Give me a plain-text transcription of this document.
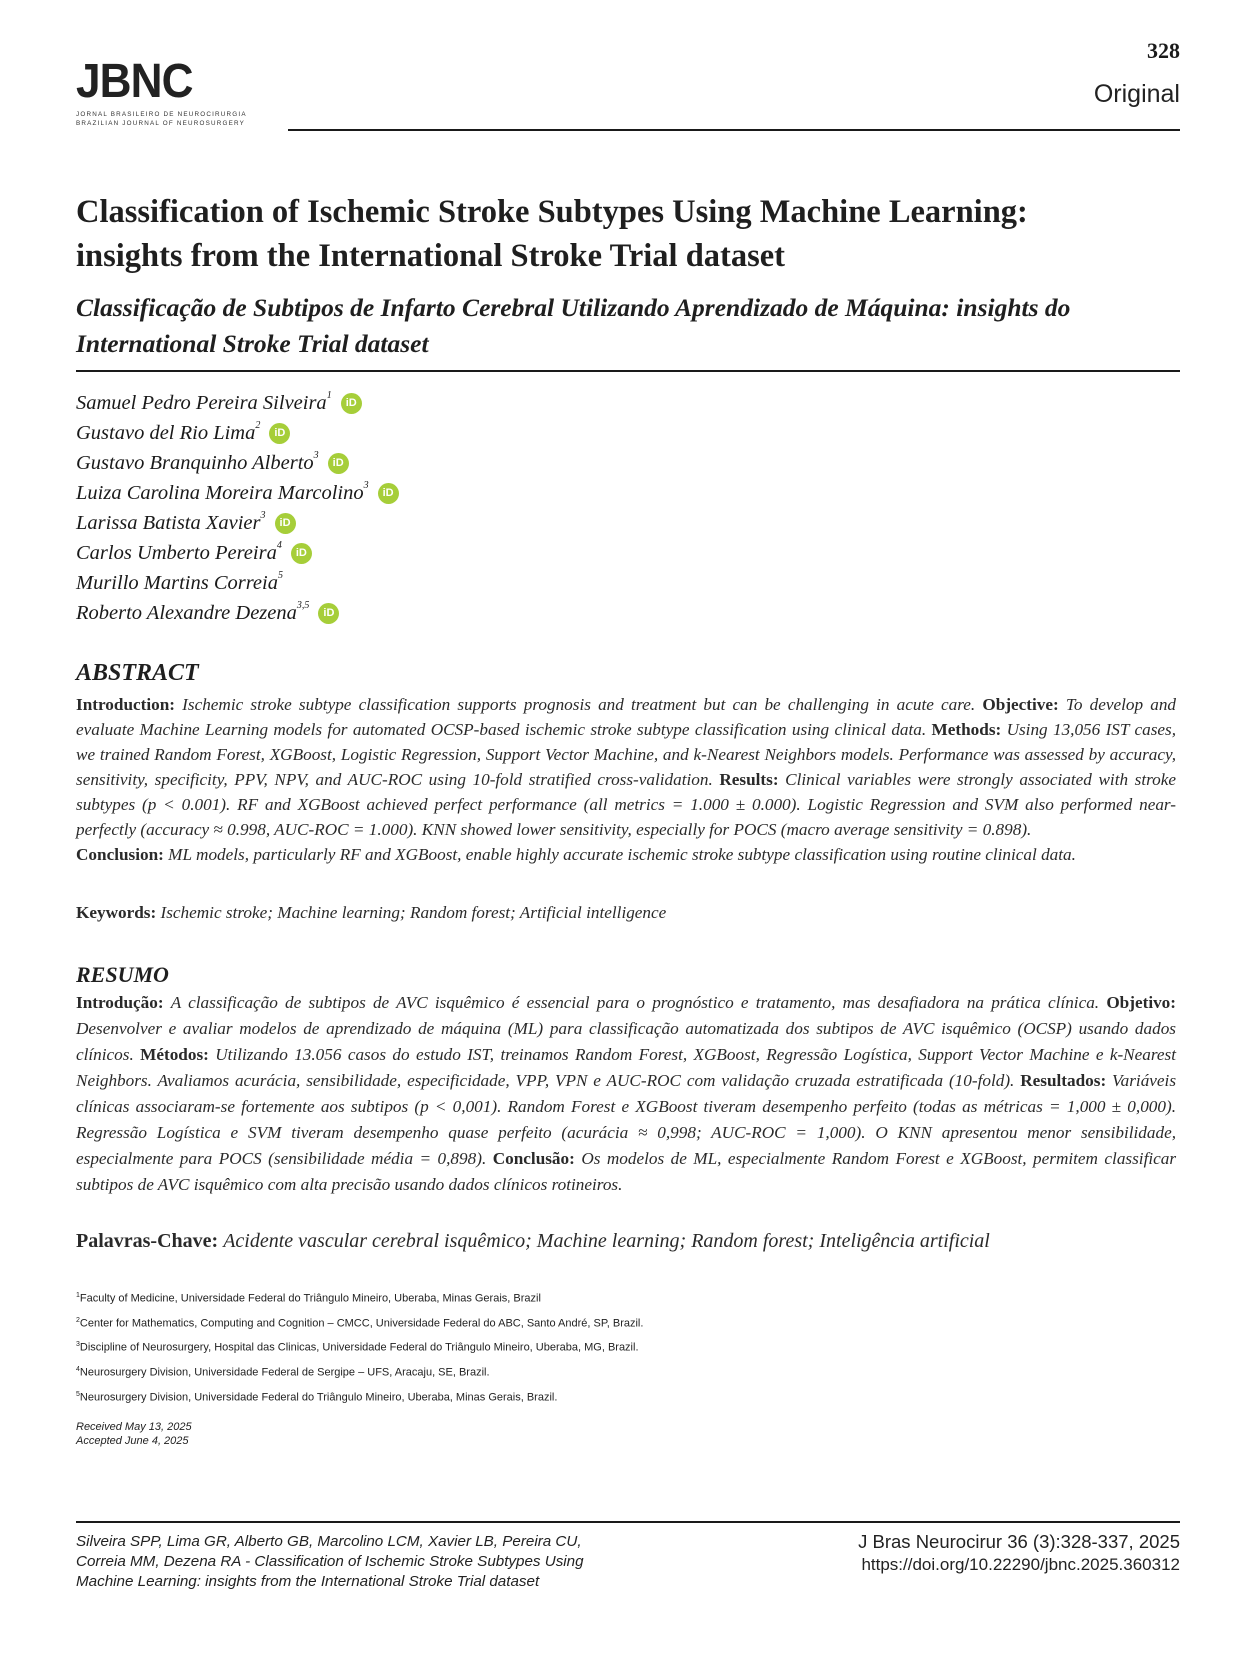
JBNC
JORNAL BRASILEIRO DE NEUROCIRURGIA
BRAZILIAN JOURNAL OF NEUROSURGERY
328
Original
Classification of Ischemic Stroke Subtypes Using Machine Learning:
insights from the International Stroke Trial dataset
Classificação de Subtipos de Infarto Cerebral Utilizando Aprendizado de Máquina: insights do
International Stroke Trial dataset
Samuel Pedro Pereira Silveira$^1$
iD
Gustavo del Rio Lima$^2$
iD
Gustavo Branquinho Alberto$^3$
iD
Luiza Carolina Moreira Marcolino$^3$
iD
Larissa Batista Xavier$^3$
iD
Carlos Umberto Pereira$^4$
iD
Murillo Martins Correia$^5$
Roberto Alexandre Dezena$^{3,5}$
iD
ABSTRACT
Introduction: Ischemic stroke subtype classification supports prognosis and treatment but can be challenging in acute care. Objective: To develop and evaluate Machine Learning models for automated OCSP-based ischemic stroke subtype classification using clinical data. Methods: Using 13,056 IST cases, we trained Random Forest, XGBoost, Logistic Regression, Support Vector Machine, and k-Nearest Neighbors models. Performance was assessed by accuracy, sensitivity, specificity, PPV, NPV, and AUC-ROC using 10-fold stratified cross-validation. Results: Clinical variables were strongly associated with stroke subtypes (p < 0.001). RF and XGBoost achieved perfect performance (all metrics = 1.000 ± 0.000). Logistic Regression and SVM also performed near-perfectly (accuracy ≈ 0.998, AUC-ROC = 1.000). KNN showed lower sensitivity, especially for POCS (macro average sensitivity = 0.898).
Conclusion: ML models, particularly RF and XGBoost, enable highly accurate ischemic stroke subtype classification using routine clinical data.
Keywords: Ischemic stroke; Machine learning; Random forest; Artificial intelligence
RESUMO
Introdução: A classificação de subtipos de AVC isquêmico é essencial para o prognóstico e tratamento, mas desafiadora na prática clínica. Objetivo: Desenvolver e avaliar modelos de aprendizado de máquina (ML) para classificação automatizada dos subtipos de AVC isquêmico (OCSP) usando dados clínicos. Métodos: Utilizando 13.056 casos do estudo IST, treinamos Random Forest, XGBoost, Regressão Logística, Support Vector Machine e k-Nearest Neighbors. Avaliamos acurácia, sensibilidade, especificidade, VPP, VPN e AUC-ROC com validação cruzada estratificada (10-fold). Resultados: Variáveis clínicas associaram-se fortemente aos subtipos (p < 0,001). Random Forest e XGBoost tiveram desempenho perfeito (todas as métricas = 1,000 ± 0,000). Regressão Logística e SVM tiveram desempenho quase perfeito (acurácia ≈ 0,998; AUC-ROC = 1,000). O KNN apresentou menor sensibilidade, especialmente para POCS (sensibilidade média = 0,898). Conclusão: Os modelos de ML, especialmente Random Forest e XGBoost, permitem classificar subtipos de AVC isquêmico com alta precisão usando dados clínicos rotineiros.
Palavras-Chave: Acidente vascular cerebral isquêmico; Machine learning; Random forest; Inteligência artificial
$^1$Faculty of Medicine, Universidade Federal do Triângulo Mineiro, Uberaba, Minas Gerais, Brazil
$^2$Center for Mathematics, Computing and Cognition – CMCC, Universidade Federal do ABC, Santo André, SP, Brazil.
$^3$Discipline of Neurosurgery, Hospital das Clinicas, Universidade Federal do Triângulo Mineiro, Uberaba, MG, Brazil.
$^4$Neurosurgery Division, Universidade Federal de Sergipe – UFS, Aracaju, SE, Brazil.
$^5$Neurosurgery Division, Universidade Federal do Triângulo Mineiro, Uberaba, Minas Gerais, Brazil.
Received May 13, 2025
Accepted June 4, 2025
Silveira SPP, Lima GR, Alberto GB, Marcolino LCM, Xavier LB, Pereira CU,
Correia MM, Dezena RA - Classification of Ischemic Stroke Subtypes Using
Machine Learning: insights from the International Stroke Trial dataset
J Bras Neurocirur 36 (3):328-337, 2025
https://doi.org/10.22290/jbnc.2025.360312
